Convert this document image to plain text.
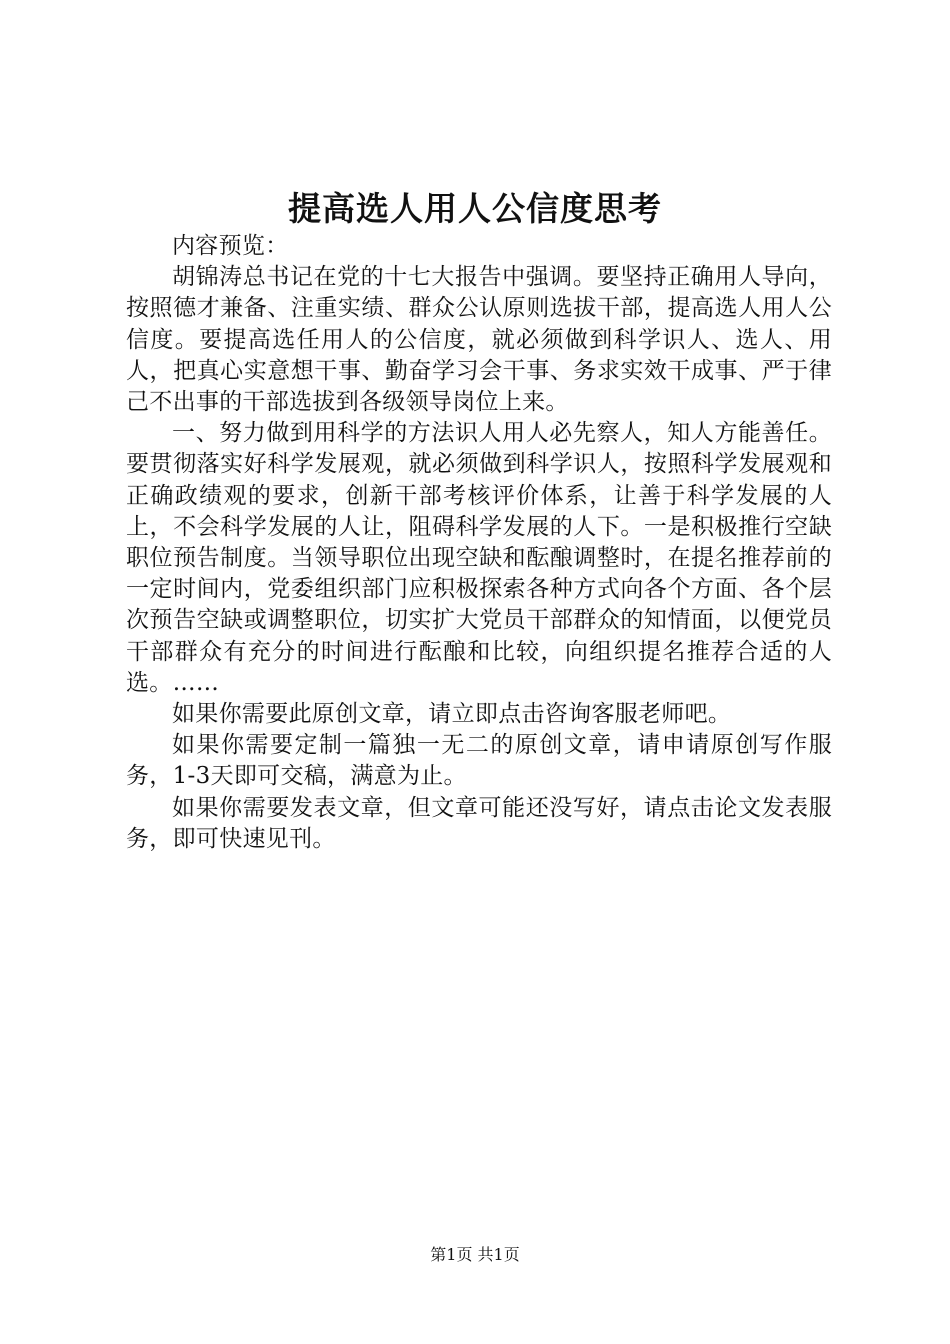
提高选人用人公信度思考

内容预览：

胡锦涛总书记在党的十七大报告中强调。要坚持正确用人导向，按照德才兼备、注重实绩、群众公认原则选拔干部，提高选人用人公信度。要提高选任用人的公信度，就必须做到科学识人、选人、用人，把真心实意想干事、勤奋学习会干事、务求实效干成事、严于律己不出事的干部选拔到各级领导岗位上来。

一、努力做到用科学的方法识人用人必先察人，知人方能善任。要贯彻落实好科学发展观，就必须做到科学识人，按照科学发展观和正确政绩观的要求，创新干部考核评价体系，让善于科学发展的人上，不会科学发展的人让，阻碍科学发展的人下。一是积极推行空缺职位预告制度。当领导职位出现空缺和酝酿调整时，在提名推荐前的一定时间内，党委组织部门应积极探索各种方式向各个方面、各个层次预告空缺或调整职位，切实扩大党员干部群众的知情面，以便党员干部群众有充分的时间进行酝酿和比较，向组织提名推荐合适的人选。……

如果你需要此原创文章，请立即点击咨询客服老师吧。

如果你需要定制一篇独一无二的原创文章，请申请原创写作服务，1-3天即可交稿，满意为止。

如果你需要发表文章，但文章可能还没写好，请点击论文发表服务，即可快速见刊。

第1页 共1页
